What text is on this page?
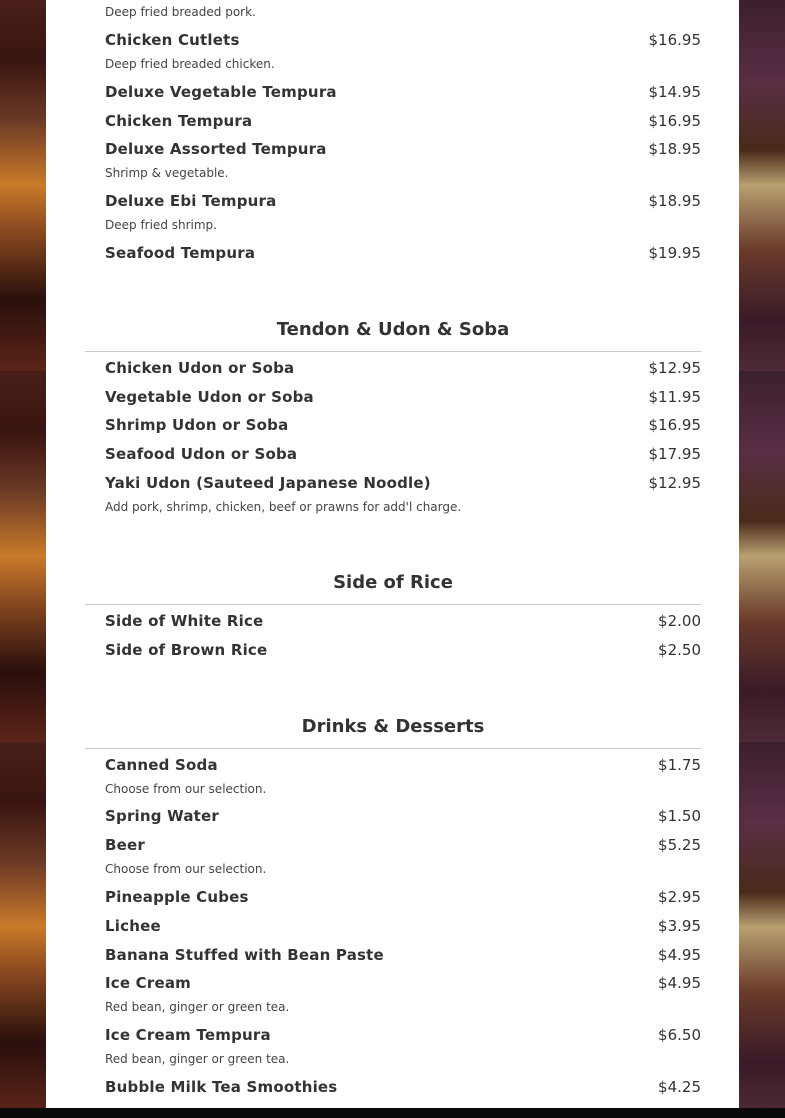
Deep fried breaded pork.
Chicken Cutlets	$16.95
Deep fried breaded chicken.
Deluxe Vegetable Tempura	$14.95
Chicken Tempura	$16.95
Deluxe Assorted Tempura	$18.95
Shrimp & vegetable.
Deluxe Ebi Tempura	$18.95
Deep fried shrimp.
Seafood Tempura	$19.95
Tendon & Udon & Soba
Chicken Udon or Soba	$12.95
Vegetable Udon or Soba	$11.95
Shrimp Udon or Soba	$16.95
Seafood Udon or Soba	$17.95
Yaki Udon (Sauteed Japanese Noodle)	$12.95
Add pork, shrimp, chicken, beef or prawns for add'l charge.
Side of Rice
Side of White Rice	$2.00
Side of Brown Rice	$2.50
Drinks & Desserts
Canned Soda	$1.75
Choose from our selection.
Spring Water	$1.50
Beer	$5.25
Choose from our selection.
Pineapple Cubes	$2.95
Lichee	$3.95
Banana Stuffed with Bean Paste	$4.95
Ice Cream	$4.95
Red bean, ginger or green tea.
Ice Cream Tempura	$6.50
Red bean, ginger or green tea.
Bubble Milk Tea Smoothies	$4.25
